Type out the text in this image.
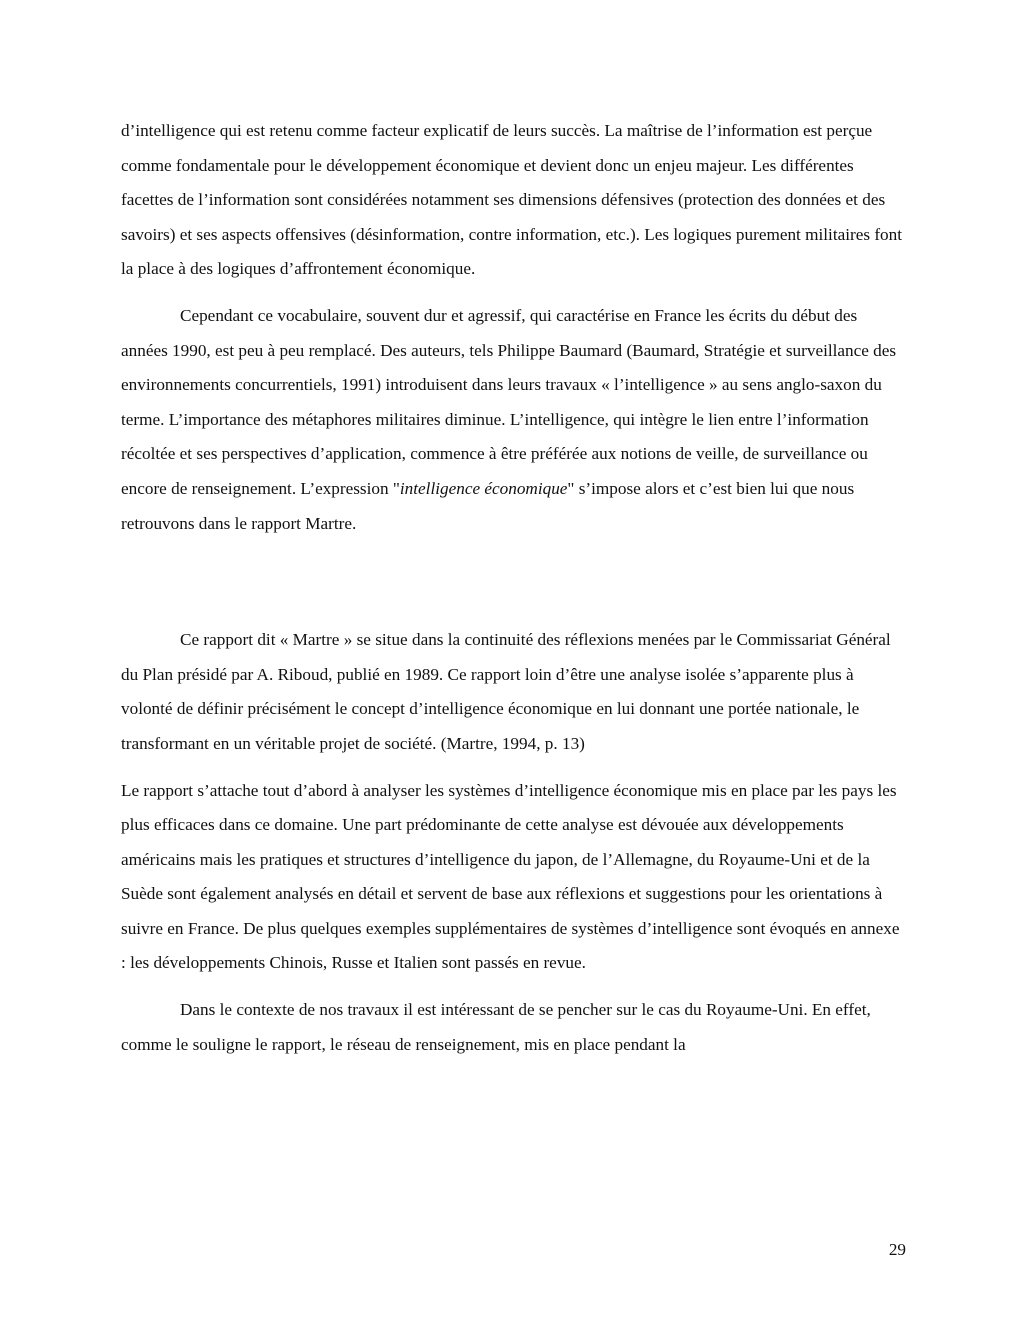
d’intelligence qui est retenu comme facteur explicatif de leurs succès. La maîtrise de l’information est perçue comme fondamentale pour le développement économique et devient donc un enjeu majeur. Les différentes facettes de l’information sont considérées notamment ses dimensions défensives (protection des données et des savoirs) et ses aspects offensives (désinformation, contre information, etc.). Les logiques purement militaires font la place à des logiques d’affrontement économique.

Cependant ce vocabulaire, souvent dur et agressif, qui caractérise en France les écrits du début des années 1990, est peu à peu remplacé. Des auteurs, tels Philippe Baumard (Baumard, Stratégie et surveillance des environnements concurrentiels, 1991) introduisent dans leurs travaux « l’intelligence » au sens anglo-saxon du terme. L’importance des métaphores militaires diminue. L’intelligence, qui intègre le lien entre l’information récoltée et ses perspectives d’application, commence à être préférée aux notions de veille, de surveillance ou encore de renseignement. L’expression "intelligence économique" s’impose alors et c’est bien lui que nous retrouvons dans le rapport Martre.

Ce rapport dit « Martre » se situe dans la continuité des réflexions menées par le Commissariat Général du Plan présidé par A. Riboud, publié en 1989. Ce rapport loin d’être une analyse isolée s’apparente plus à volonté de définir précisément le concept d’intelligence économique en lui donnant une portée nationale, le transformant en un véritable projet de société. (Martre, 1994, p. 13)

Le rapport s’attache tout d’abord à analyser les systèmes d’intelligence économique mis en place par les pays les plus efficaces dans ce domaine. Une part prédominante de cette analyse est dévouée aux développements américains mais les pratiques et structures d’intelligence du japon, de l’Allemagne, du Royaume-Uni et de la Suède sont également analysés en détail et servent de base aux réflexions et suggestions pour les orientations à suivre en France. De plus quelques exemples supplémentaires de systèmes d’intelligence sont évoqués en annexe : les développements Chinois, Russe et Italien sont passés en revue.

Dans le contexte de nos travaux il est intéressant de se pencher sur le cas du Royaume-Uni. En effet, comme le souligne le rapport, le réseau de renseignement, mis en place pendant la

29
